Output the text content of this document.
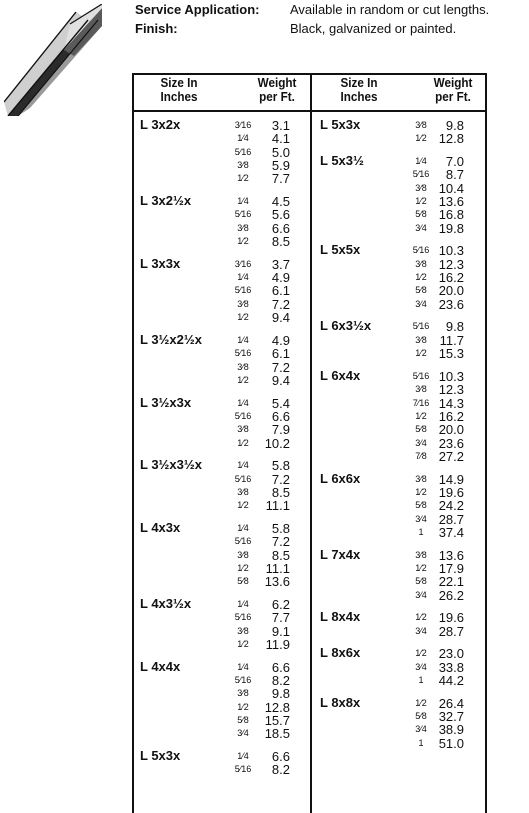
Service Application: Available in random or cut lengths.
Finish:	Black, galvanized or painted.
Size In
Inches
Weight
per Ft.
Size In
Inches
Weight
per Ft.
L 3x2x	3⁄16	3.1
1⁄4	4.1
5⁄16	5.0
3⁄8	5.9
1⁄2	7.7
L 3x2½x	1⁄4	4.5
5⁄16	5.6
3⁄8	6.6
1⁄2	8.5
L 3x3x	3⁄16	3.7
1⁄4	4.9
5⁄16	6.1
3⁄8	7.2
1⁄2	9.4
L 3½x2½x	1⁄4	4.9
5⁄16	6.1
3⁄8	7.2
1⁄2	9.4
L 3½x3x	1⁄4	5.4
5⁄16	6.6
3⁄8	7.9
1⁄2	10.2
L 3½x3½x	1⁄4	5.8
5⁄16	7.2
3⁄8	8.5
1⁄2	11.1
L 4x3x	1⁄4	5.8
5⁄16	7.2
3⁄8	8.5
1⁄2	11.1
5⁄8	13.6
L 4x3½x	1⁄4	6.2
5⁄16	7.7
3⁄8	9.1
1⁄2	11.9
L 4x4x	1⁄4	6.6
5⁄16	8.2
3⁄8	9.8
1⁄2	12.8
5⁄8	15.7
3⁄4	18.5
L 5x3x	1⁄4	6.6
5⁄16	8.2
L 5x3x	3⁄8	9.8
1⁄2 12.8
L 5x3½	1⁄4	7.0
5⁄16	8.7
3⁄8 10.4
1⁄2 13.6
5⁄8 16.8
3⁄4 19.8
L 5x5x	5⁄16 10.3
3⁄8 12.3
1⁄2 16.2
5⁄8 20.0
3⁄4 23.6
L 6x3½x	5⁄16	9.8
3⁄8 11.7
1⁄2 15.3
L 6x4x	5⁄16 10.3
3⁄8 12.3
7⁄16 14.3
1⁄2 16.2
5⁄8 20.0
3⁄4 23.6
7⁄8 27.2
L 6x6x	3⁄8 14.9
1⁄2 19.6
5⁄8 24.2
3⁄4 28.7
1	37.4
L 7x4x	3⁄8 13.6
1⁄2 17.9
5⁄8 22.1
3⁄4 26.2
L 8x4x	1⁄2 19.6
3⁄4 28.7
L 8x6x	1⁄2 23.0
3⁄4 33.8
1	44.2
L 8x8x	1⁄2 26.4
5⁄8 32.7
3⁄4 38.9
1	51.0
